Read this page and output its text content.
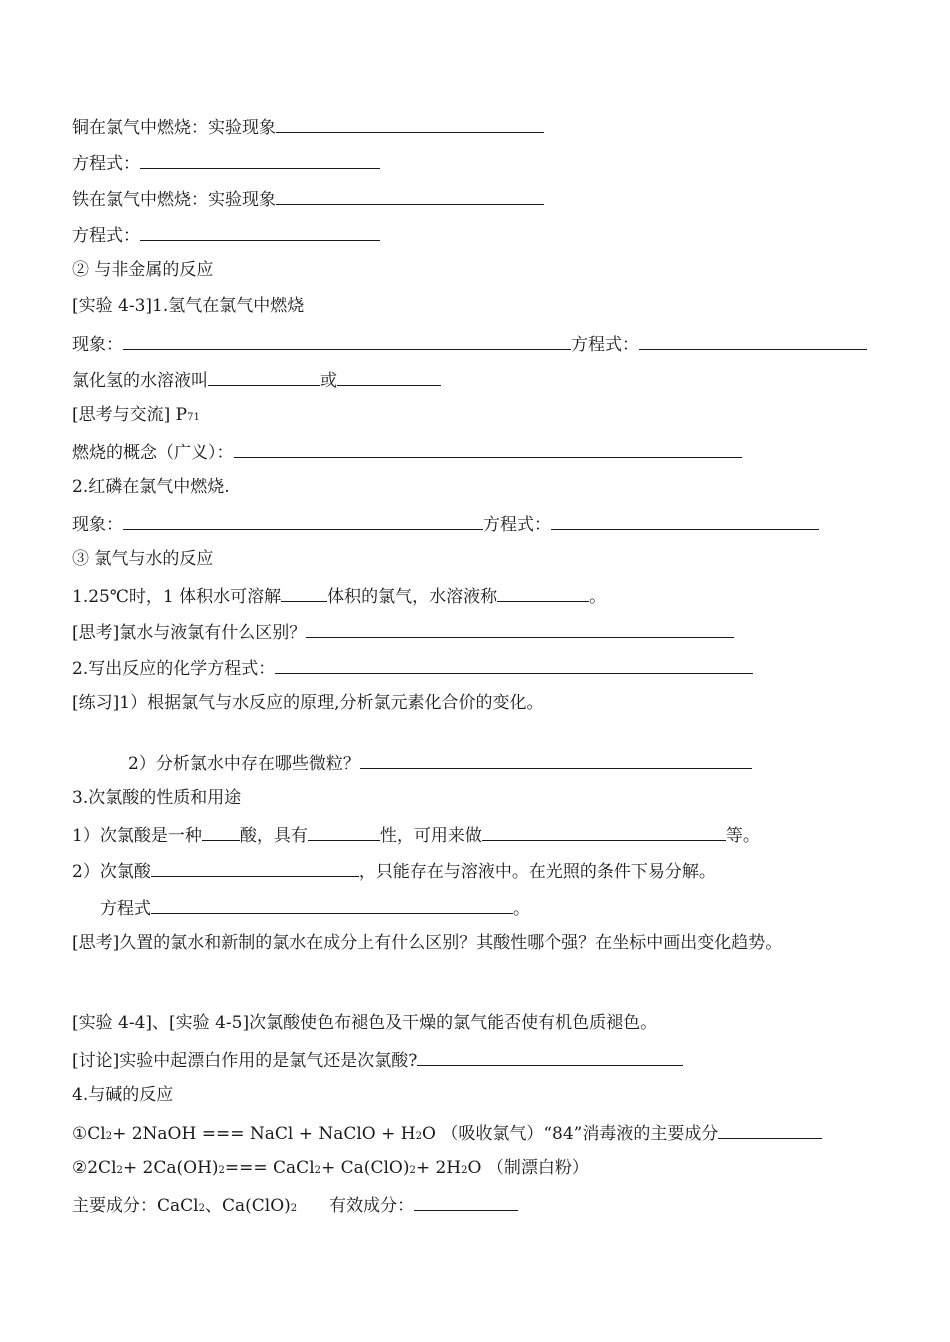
铜在氯气中燃烧：实验现象
方程式：
铁在氯气中燃烧：实验现象
方程式：
② 与非金属的反应
[实验 4-3]1.氢气在氯气中燃烧
现象：	方程式：
氯化氢的水溶液叫	或
[思考与交流] P 71
燃烧的概念（广义）：
2.红磷在氯气中燃烧.
现象：	方程式：
③ 氯气与水的反应
1.25℃时，1 体积水可溶解	体积的氯气，水溶液称	。
[思考]氯水与液氯有什么区别？
2.写出反应的化学方程式：
[练习]1）根据氯气与水反应的原理,分析氯元素化合价的变化。
2）分析氯水中存在哪些微粒？
3.次氯酸的性质和用途
1）次氯酸是一种 酸，具有	性，可用来做	等。
2）次氯酸	，只能存在与溶液中。在光照的条件下易分解。
方程式	。
[思考]久置的氯水和新制的氯水在成分上有什么区别？其酸性哪个强？在坐标中画出变化趋势。
[实验 4-4]、[实验 4-5]次氯酸使色布褪色及干燥的氯气能否使有机色质褪色。
[讨论]实验中起漂白作用的是氯气还是次氯酸?
4.与碱的反应
①Cl 2 + 2NaOH === NaCl + NaClO + H 2 O （吸收氯气）“84”消毒液的主要成分
②2Cl 2 + 2Ca(OH) 2 === CaCl 2 + Ca(ClO) 2 + 2H 2 O （制漂白粉）
主要成分：CaCl 2 、Ca(ClO) 2 有效成分：
